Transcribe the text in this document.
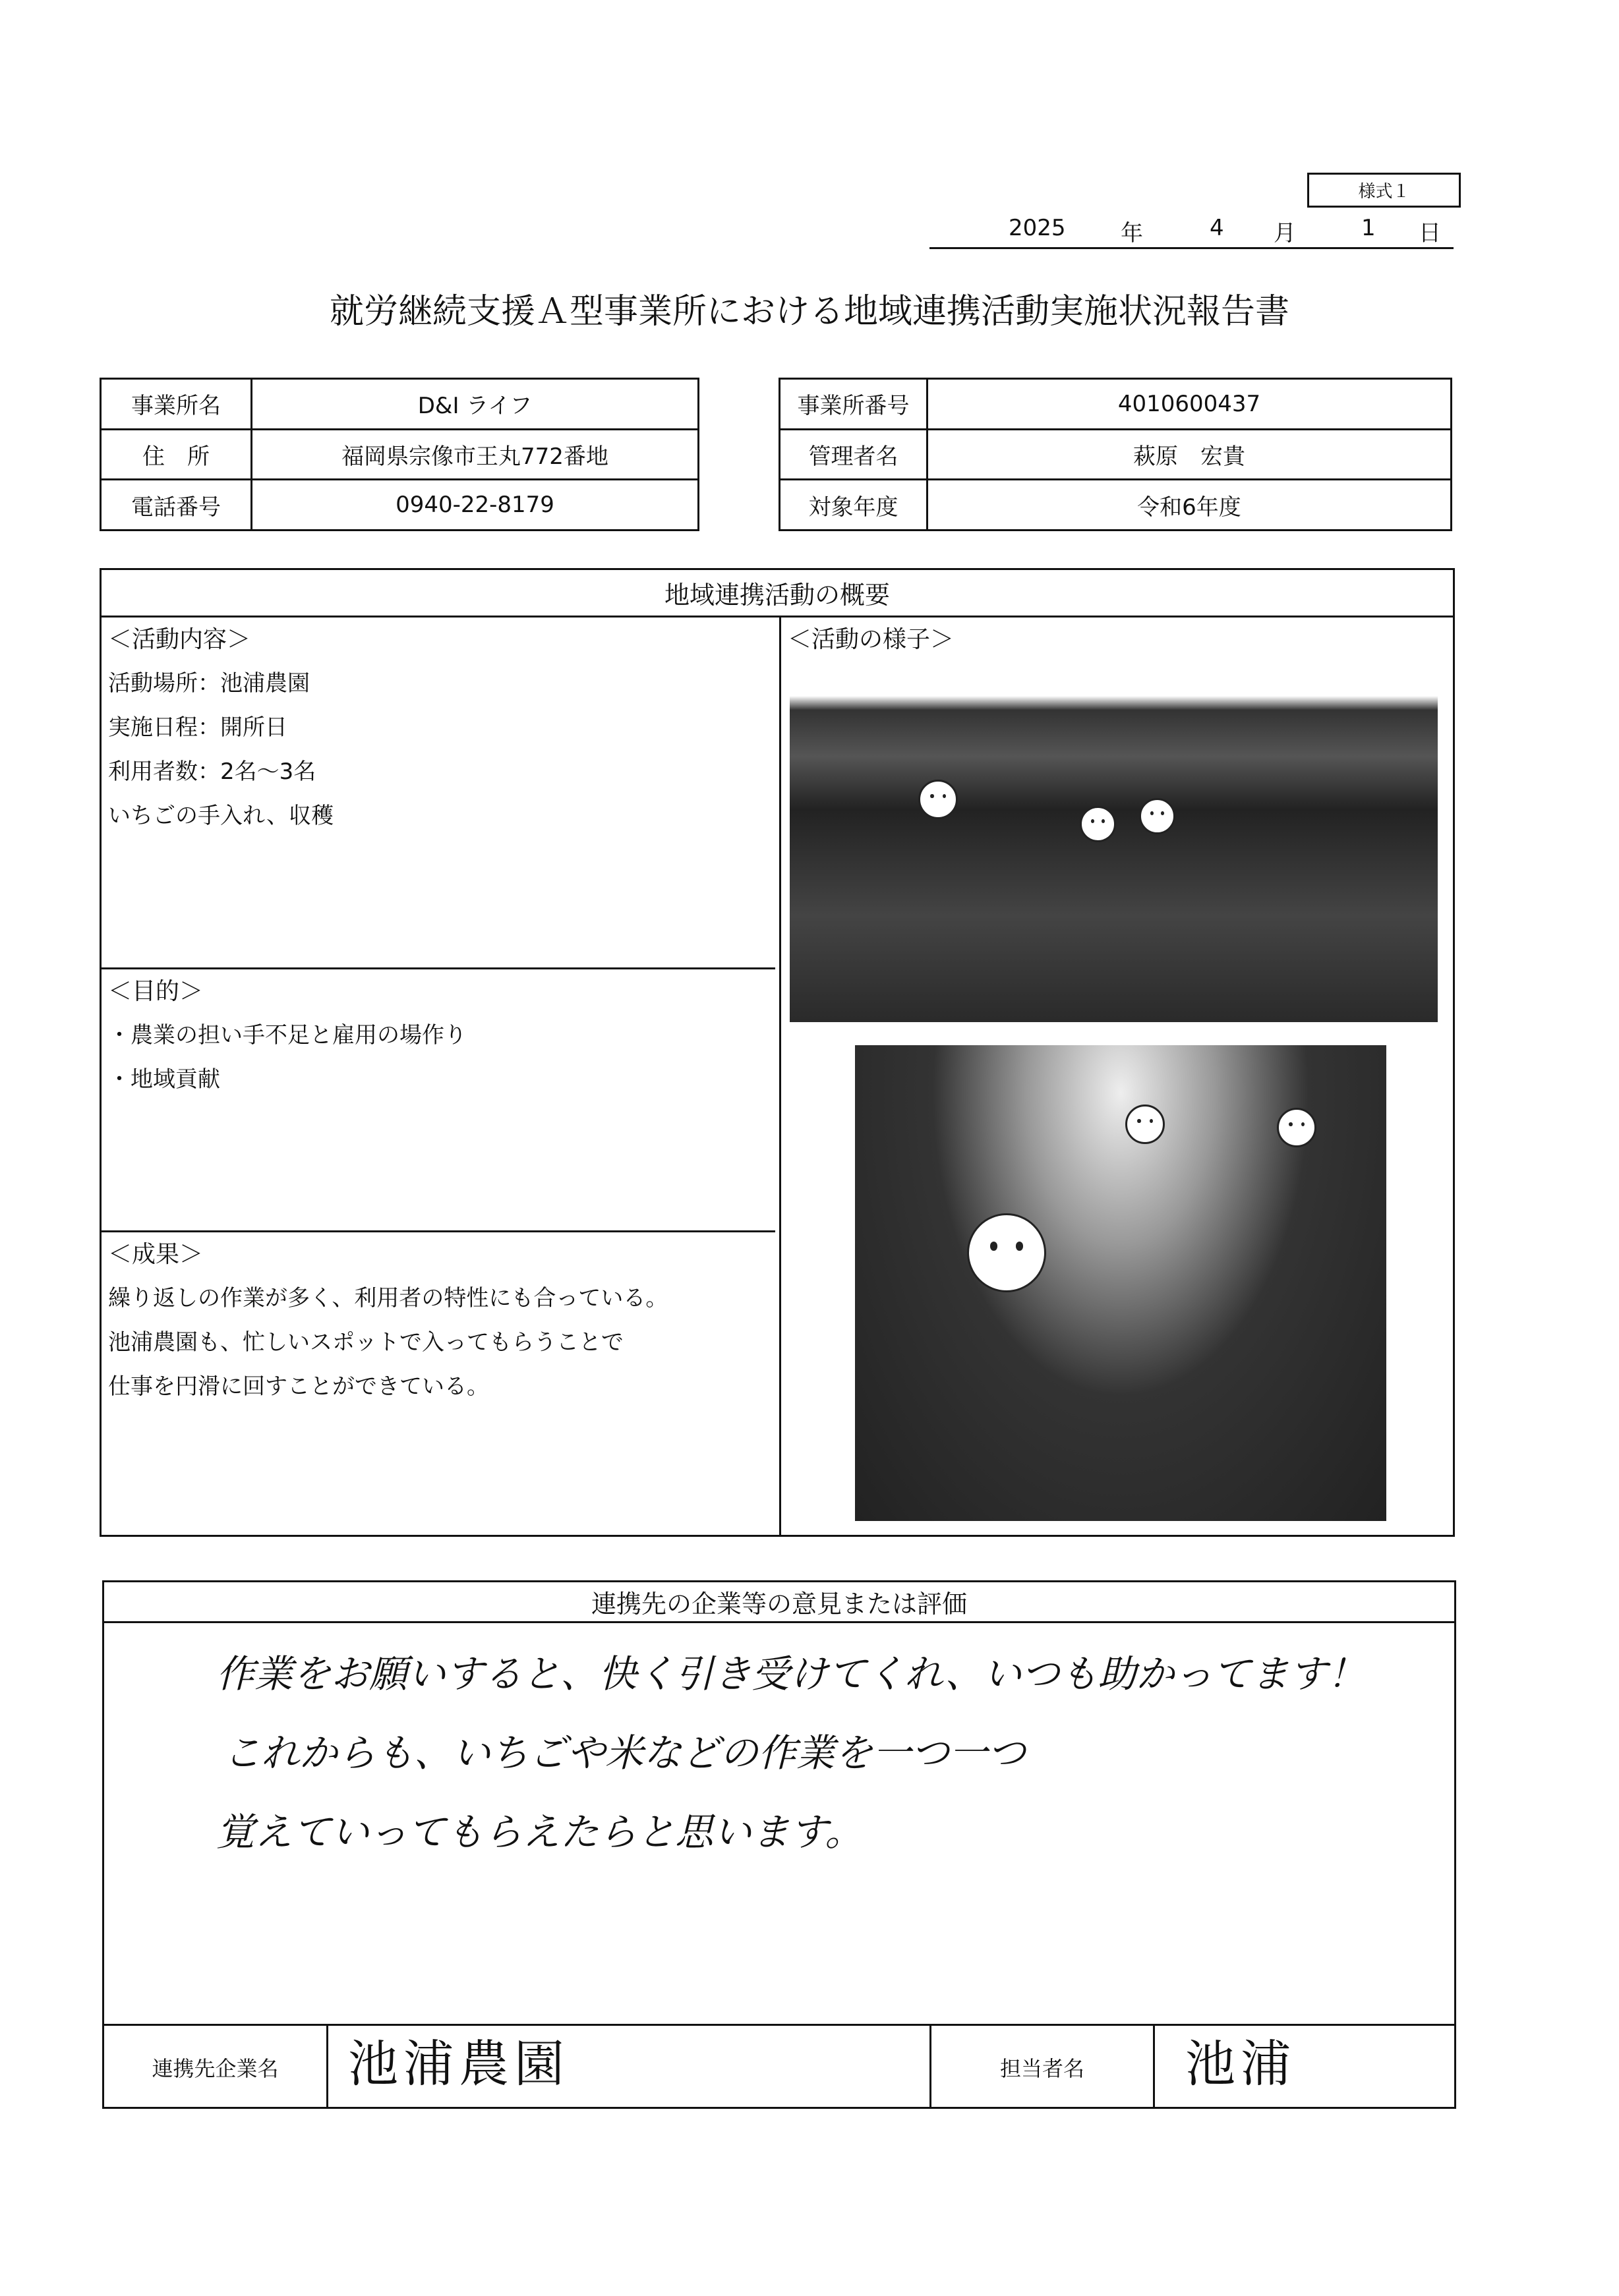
様式１
2025 年	4 月	1 日
就労継続支援Ａ型事業所における地域連携活動実施状況報告書
事業所名	D&I ライフ
住　所	福岡県宗像市王丸772番地
電話番号	0940-22-8179
事業所番号	4010600437
管理者名	萩原　宏貴
対象年度	令和6年度
地域連携活動の概要
＜活動内容＞
活動場所：池浦農園
実施日程：開所日
利用者数：2名～3名
いちごの手入れ、収穫
＜目的＞
・農業の担い手不足と雇用の場作り
・地域貢献
＜成果＞
繰り返しの作業が多く、利用者の特性にも合っている。
池浦農園も、忙しいスポットで入ってもらうことで
仕事を円滑に回すことができている。
＜活動の様子＞
連携先の企業等の意見または評価
作業をお願いすると、快く引き受けてくれ、いつも助かってます！
これからも、いちごや米などの作業を一つ一つ
覚えていってもらえたらと思います。
連携先企業名	池浦農園	担当者名	池浦
